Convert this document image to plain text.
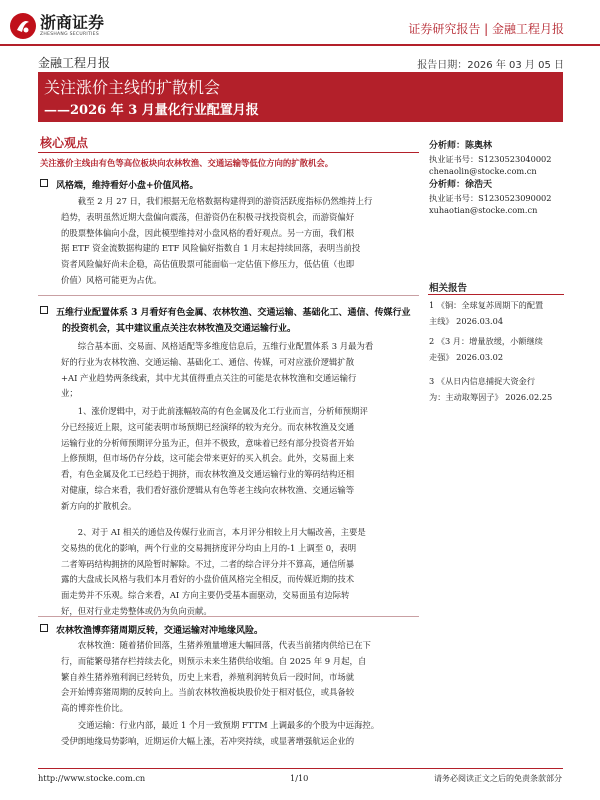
浙商证券
ZHESHANG SECURITIES	证券研究报告 | 金融工程月报
金融工程月报	报告日期：2026 年 03 月 05 日
关注涨价主线的扩散机会
——2026 年 3 月量化行业配置月报
核心观点
关注涨价主线由有色等高位板块向农林牧渔、交通运输等低位方向的扩散机会。
风格端，维持看好小盘+价值风格。
截至 2 月 27 日，我们根据无危格数据构建得到的游资活跃度指标仍然维持上行
趋势，表明虽然近期大盘偏向震荡，但游资仍在积极寻找投资机会，而游资偏好
的股票整体偏向小盘，因此模型维持对小盘风格的看好观点。另一方面，我们根
据 ETF 资金流数据构建的 ETF 风险偏好指数自 1 月末起持续回落，表明当前投
资者风险偏好尚未企稳，高估值股票可能面临一定估值下修压力，低估值（也即
价值）风格可能更为占优。
五维行业配置体系 3 月看好有色金属、农林牧渔、交通运输、基础化工、通信、传媒行业
的投资机会，其中建议重点关注农林牧渔及交通运输行业。
综合基本面、交易面、风格适配等多维度信息后，五维行业配置体系 3 月最为看
好的行业为农林牧渔、交通运输、基础化工、通信、传媒，可对应涨价逻辑扩散
+AI 产业趋势两条线索，其中尤其值得重点关注的可能是农林牧渔和交通运输行
业；
1、涨价逻辑中，对于此前涨幅较高的有色金属及化工行业而言，分析师预期评
分已经接近上限，这可能表明市场预期已经演绎的较为充分。而农林牧渔及交通
运输行业的分析师预期评分虽为正，但并不极致，意味着已经有部分投资者开始
上修预期，但市场仍存分歧，这可能会带来更好的买入机会。此外，交易面上来
看，有色金属及化工已经趋于拥挤，而农林牧渔及交通运输行业的筹码结构还相
对健康，综合来看，我们看好涨价逻辑从有色等老主线向农林牧渔、交通运输等
新方向的扩散机会。
2、对于 AI 相关的通信及传媒行业而言，本月评分相较上月大幅改善，主要是
交易热的优化的影响，两个行业的交易拥挤度评分均由上月的-1 上调至 0，表明
二者筹码结构拥挤的风险暂时解除。不过，二者的综合评分并不算高，通信所暴
露的大盘成长风格与我们本月看好的小盘价值风格完全相反，而传媒近期的技术
面走势并不乐观。综合来看，AI 方向主要仍受基本面驱动，交易面虽有边际转
好，但对行业走势整体或仍为负向贡献。
农林牧渔博弈猪周期反转，交通运输对冲地缘风险。
农林牧渔：随着猪价回落，生猪养殖量增速大幅回落，代表当前猪肉供给已在下
行，而能繁母猪存栏持续去化，则预示未来生猪供给收缩。自 2025 年 9 月起，自
繁自养生猪养殖利润已经转负，历史上来看，养殖利润转负后一段时间，市场就
会开始博弈猪周期的反转向上。当前农林牧渔板块股价处于相对低位，或具备较
高的博弈性价比。
交通运输：行业内部，最近 1 个月一致预期 FTTM 上调最多的个股为中远海控。
受伊朗地缘局势影响，近期运价大幅上涨，若冲突持续，或显著增强航运企业的
分析师：陈奥林
执业证书号：S1230523040002
chenaolin@stocke.com.cn
分析师：徐浩天
执业证书号：S1230523090002
xuhaotian@stocke.com.cn
相关报告
1 《铜：全球复苏周期下的配置
主线》 2026.03.04
2 《3 月：增量放缓，小额继续
走强》 2026.03.02
3 《从日内信息捕捉大资金行
为：主动取筹因子》 2026.02.25
http://www.stocke.com.cn	1/10	请务必阅读正文之后的免责条款部分
